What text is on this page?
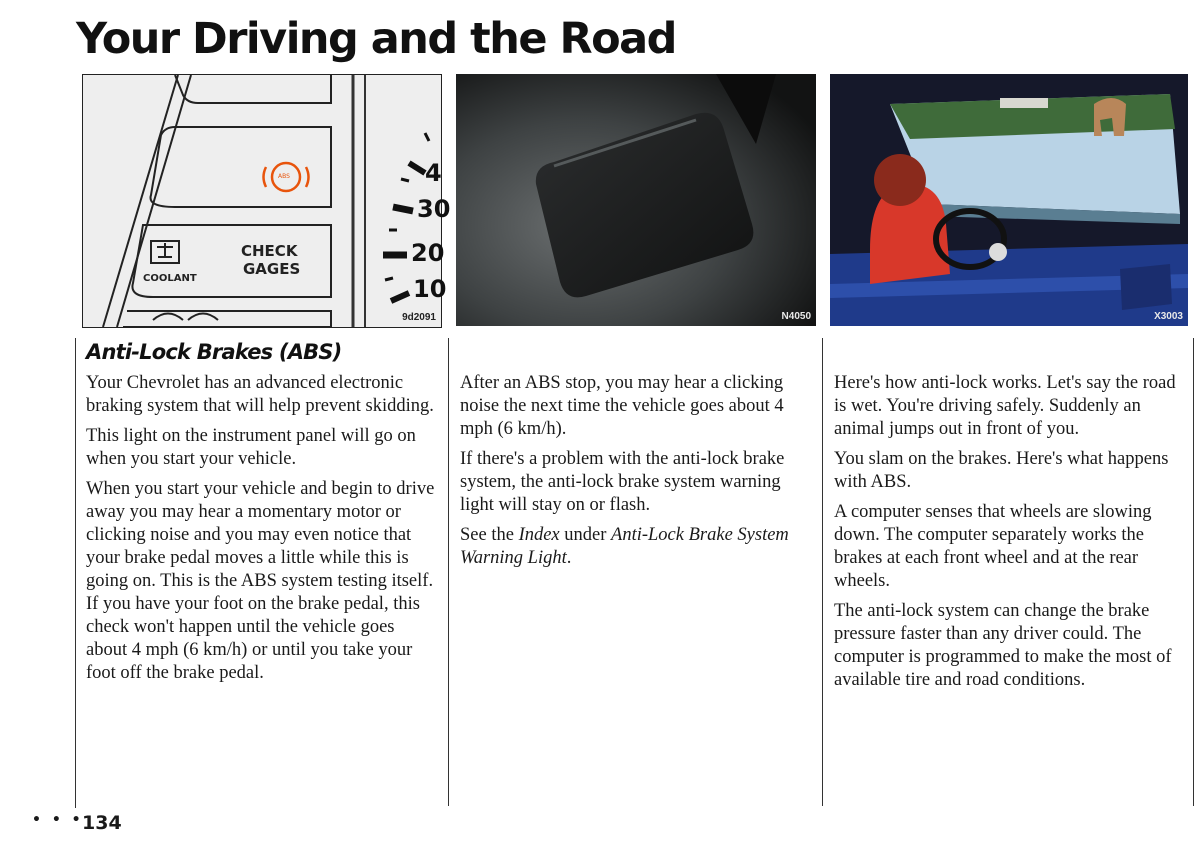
Your Driving and the Road
ABS
CHECK
GAGES
COOLANT
4
30
20
10
9d2091	N4050	X3003
Anti-Lock Brakes (ABS)

Your Chevrolet has an advanced electronic braking system that will help prevent skidding.

This light on the instrument panel will go on when you start your vehicle.

When you start your vehicle and begin to drive away you may hear a momentary motor or clicking noise and you may even notice that your brake pedal moves a little while this is going on. This is the ABS system testing itself. If you have your foot on the brake pedal, this check won't happen until the vehicle goes about 4 mph (6 km/h) or until you take your foot off the brake pedal.

After an ABS stop, you may hear a clicking noise the next time the vehicle goes about 4 mph (6 km/h).

If there's a problem with the anti-lock brake system, the anti-lock brake system warning light will stay on or flash.

See the Index under Anti-Lock Brake System Warning Light.

Here's how anti-lock works. Let's say the road is wet. You're driving safely. Suddenly an animal jumps out in front of you.

You slam on the brakes. Here's what happens with ABS.

A computer senses that wheels are slowing down. The computer separately works the brakes at each front wheel and at the rear wheels.

The anti-lock system can change the brake pressure faster than any driver could. The computer is programmed to make the most of available tire and road conditions.

• • •
134
